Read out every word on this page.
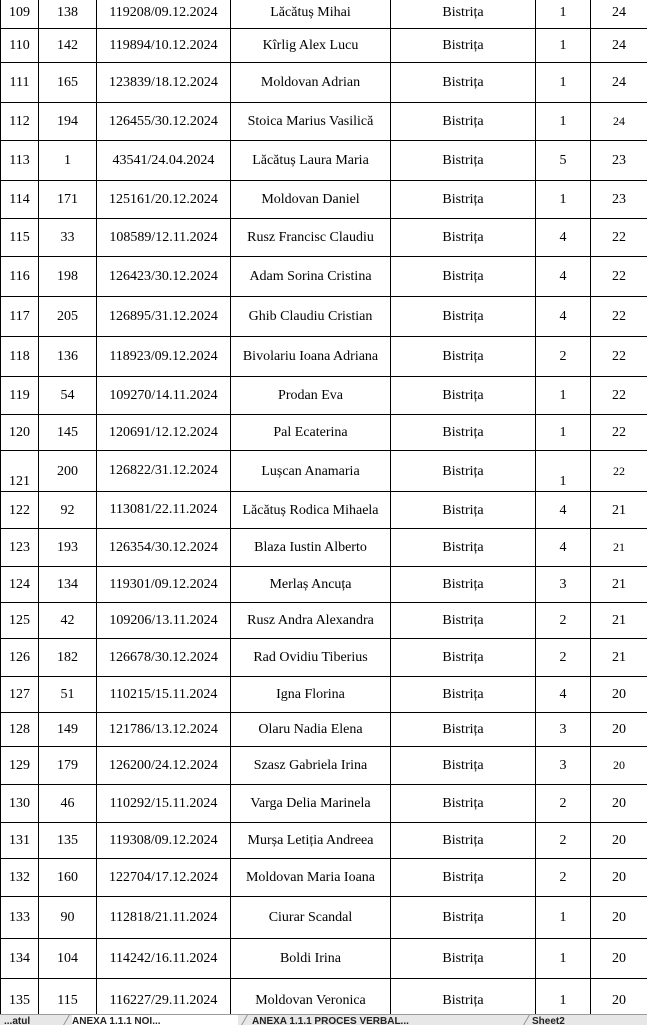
109	138	119208/09.12.2024	Lăcătuș Mihai	Bistrița	1	24
110	142	119894/10.12.2024	Kîrlig Alex Lucu	Bistrița	1	24
111	165	123839/18.12.2024	Moldovan Adrian	Bistrița	1	24
112	194	126455/30.12.2024	Stoica Marius Vasilică	Bistrița	1	24
113	1	43541/24.04.2024	Lăcătuș Laura Maria	Bistrița	5	23
114	171	125161/20.12.2024	Moldovan Daniel	Bistrița	1	23
115	33	108589/12.11.2024	Rusz Francisc Claudiu	Bistrița	4	22
116	198	126423/30.12.2024	Adam Sorina Cristina	Bistrița	4	22
117	205	126895/31.12.2024	Ghib Claudiu Cristian	Bistrița	4	22
118	136	118923/09.12.2024	Bivolariu Ioana Adriana	Bistrița	2	22
119	54	109270/14.11.2024	Prodan Eva	Bistrița	1	22
120	145	120691/12.12.2024	Pal Ecaterina	Bistrița	1	22
121	200	126822/31.12.2024	Lușcan Anamaria	Bistrița	1	22
122	92	113081/22.11.2024	Lăcătuș Rodica Mihaela	Bistrița	4	21
123	193	126354/30.12.2024	Blaza Iustin Alberto	Bistrița	4	21
124	134	119301/09.12.2024	Merlaș Ancuța	Bistrița	3	21
125	42	109206/13.11.2024	Rusz Andra Alexandra	Bistrița	2	21
126	182	126678/30.12.2024	Rad Ovidiu Tiberius	Bistrița	2	21
127	51	110215/15.11.2024	Igna Florina	Bistrița	4	20
128	149	121786/13.12.2024	Olaru Nadia Elena	Bistrița	3	20
129	179	126200/24.12.2024	Szasz Gabriela Irina	Bistrița	3	20
130	46	110292/15.11.2024	Varga Delia Marinela	Bistrița	2	20
131	135	119308/09.12.2024	Murșa Letiția Andreea	Bistrița	2	20
132	160	122704/17.12.2024	Moldovan Maria Ioana	Bistrița	2	20
133	90	112818/21.11.2024	Ciurar Scandal	Bistrița	1	20
134	104	114242/16.11.2024	Boldi Irina	Bistrița	1	20
135	115	116227/29.11.2024	Moldovan Veronica	Bistrița	1	20
...atul	ANEXA 1.1.1 NOI...	ANEXA 1.1.1 PROCES VERBAL...	Sheet2
